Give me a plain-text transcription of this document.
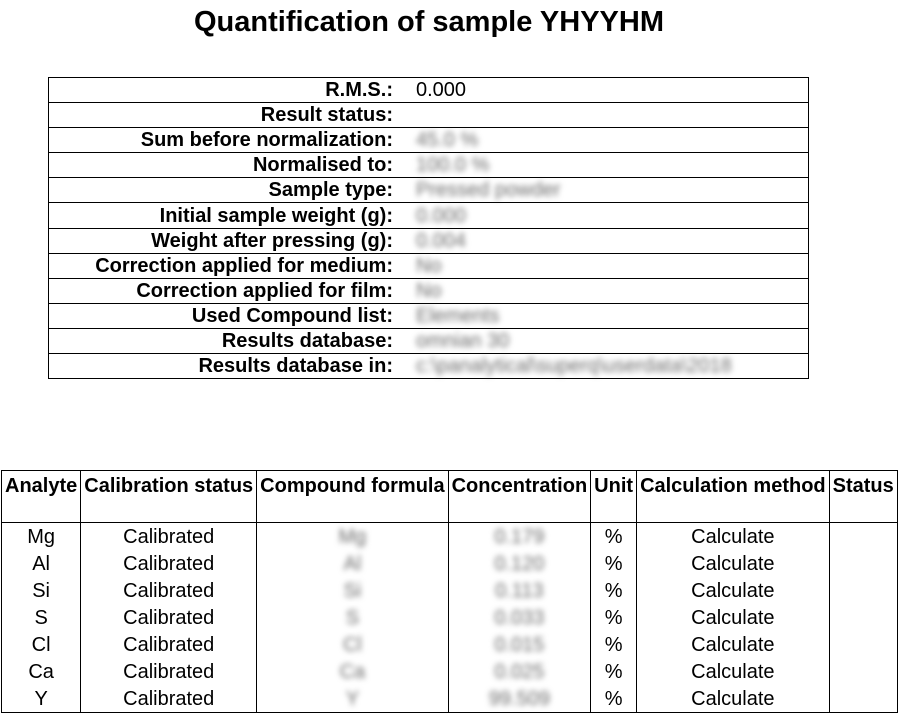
Quantification of sample YHYYHM
R.M.S.:	0.000
Result status:	
Sum before normalization:	45.0 %
Normalised to:	100.0 %
Sample type:	Pressed powder
Initial sample weight (g):	0.000
Weight after pressing (g):	0.004
Correction applied for medium:	No
Correction applied for film:	No
Used Compound list:	Elements
Results database:	omnian 30
Results database in:	c:\panalytical\superq\userdata\2018
Analyte	Calibration status	Compound formula	Concentration	Unit	Calculation method	Status
Mg	Calibrated	Mg	0.179	%	Calculate	
Al	Calibrated	Al	0.120	%	Calculate	
Si	Calibrated	Si	0.113	%	Calculate	
S	Calibrated	S	0.033	%	Calculate	
Cl	Calibrated	Cl	0.015	%	Calculate	
Ca	Calibrated	Ca	0.025	%	Calculate	
Y	Calibrated	Y	99.509	%	Calculate	
